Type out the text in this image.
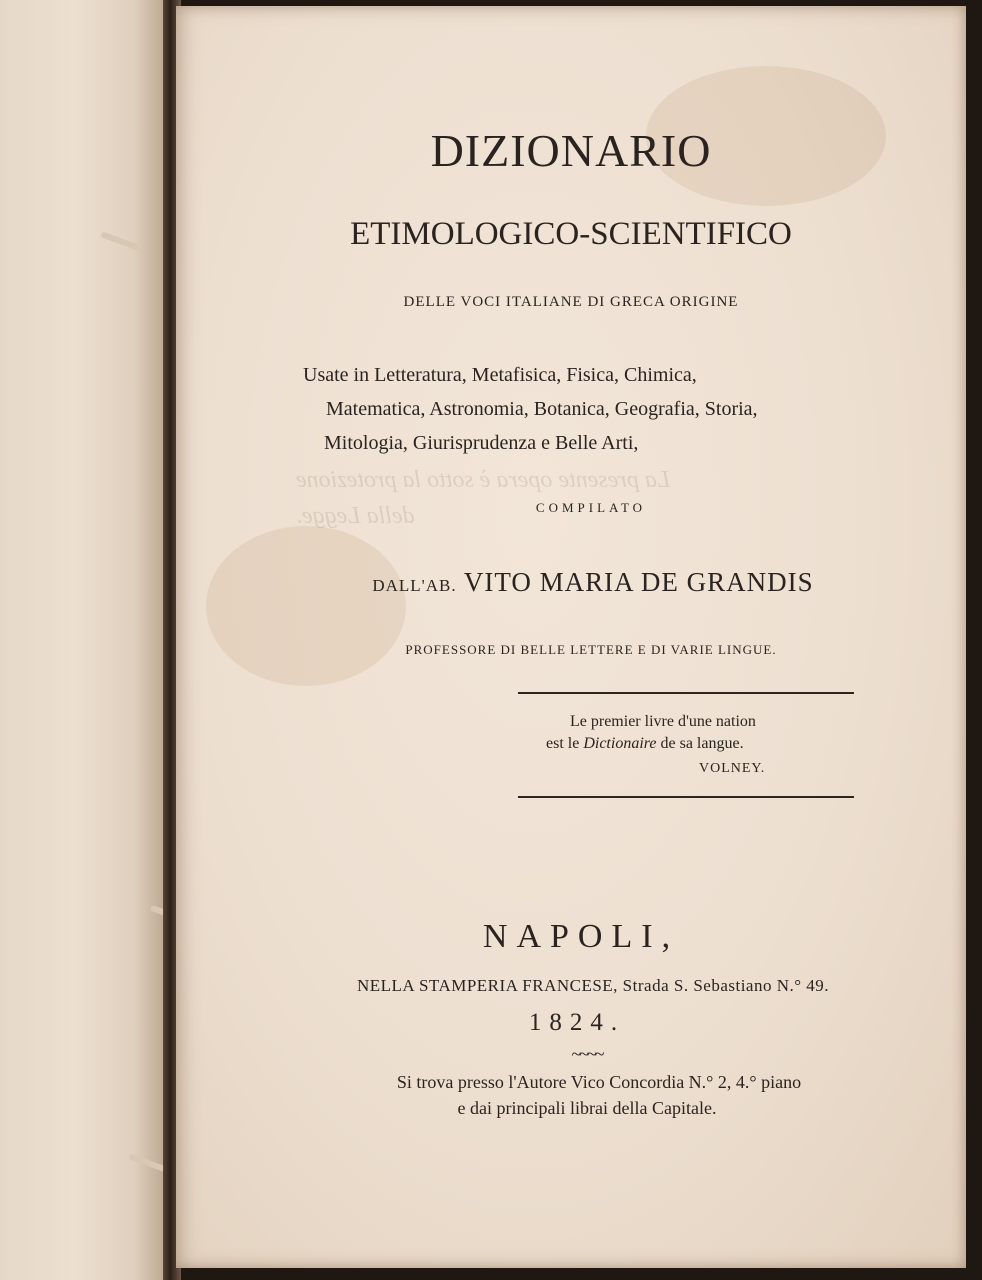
La presente opera è sotto la protezione
della Legge.
DIZIONARIO
ETIMOLOGICO-SCIENTIFICO
DELLE VOCI ITALIANE DI GRECA ORIGINE
Usate in Letteratura, Metafisica, Fisica, Chimica,
Matematica, Astronomia, Botanica, Geografia, Storia,
Mitologia, Giurisprudenza e Belle Arti,
COMPILATO
DALL'AB. VITO MARIA DE GRANDIS
PROFESSORE DI BELLE LETTERE E DI VARIE LINGUE.
Le premier livre d'une nation
est le Dictionaire de sa langue.
VOLNEY.
NAPOLI,
NELLA STAMPERIA FRANCESE, Strada S. Sebastiano N.° 49.
1824.
~~~~
Si trova presso l'Autore Vico Concordia N.° 2, 4.° piano
e dai principali librai della Capitale.
